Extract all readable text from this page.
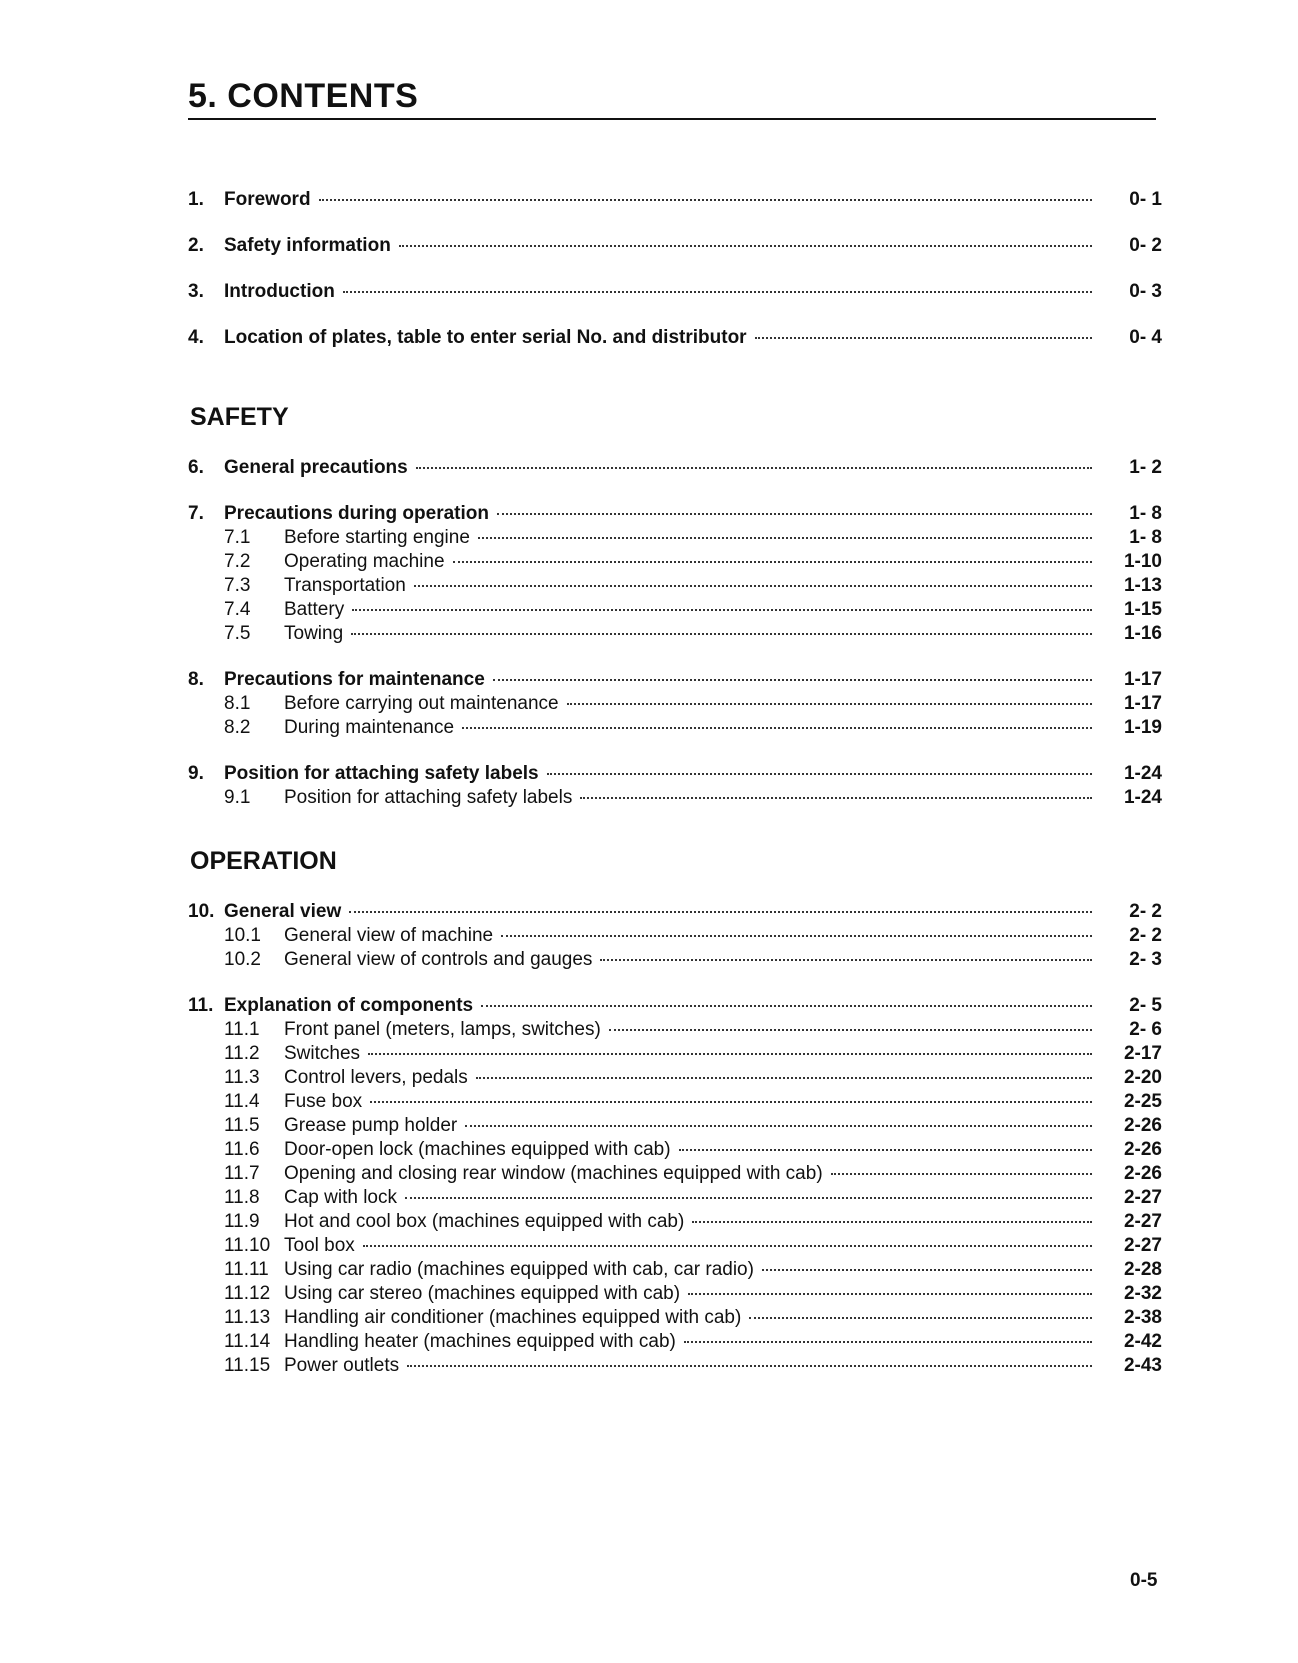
5. CONTENTS
1.	Foreword	0- 1
2.	Safety information	0- 2
3.	Introduction	0- 3
4.	Location of plates, table to enter serial No. and distributor	0- 4
SAFETY
6.	General precautions	1- 2
7.	Precautions during operation	1- 8
7.1	Before starting engine	1- 8
7.2	Operating machine	1-10
7.3	Transportation	1-13
7.4	Battery	1-15
7.5	Towing	1-16
8.	Precautions for maintenance	1-17
8.1	Before carrying out maintenance	1-17
8.2	During maintenance	1-19
9.	Position for attaching safety labels	1-24
9.1	Position for attaching safety labels	1-24
OPERATION
10. General view	2- 2
10.1	General view of machine	2- 2
10.2	General view of controls and gauges	2- 3
11. Explanation of components	2- 5
11.1	Front panel (meters, lamps, switches)	2- 6
11.2	Switches	2-17
11.3	Control levers, pedals	2-20
11.4	Fuse box	2-25
11.5	Grease pump holder	2-26
11.6	Door-open lock (machines equipped with cab)	2-26
11.7	Opening and closing rear window (machines equipped with cab)	2-26
11.8	Cap with lock	2-27
11.9	Hot and cool box (machines equipped with cab)	2-27
11.10 Tool box	2-27
11.11 Using car radio (machines equipped with cab, car radio)	2-28
11.12 Using car stereo (machines equipped with cab)	2-32
11.13 Handling air conditioner (machines equipped with cab)	2-38
11.14 Handling heater (machines equipped with cab)	2-42
11.15 Power outlets	2-43
0-5
